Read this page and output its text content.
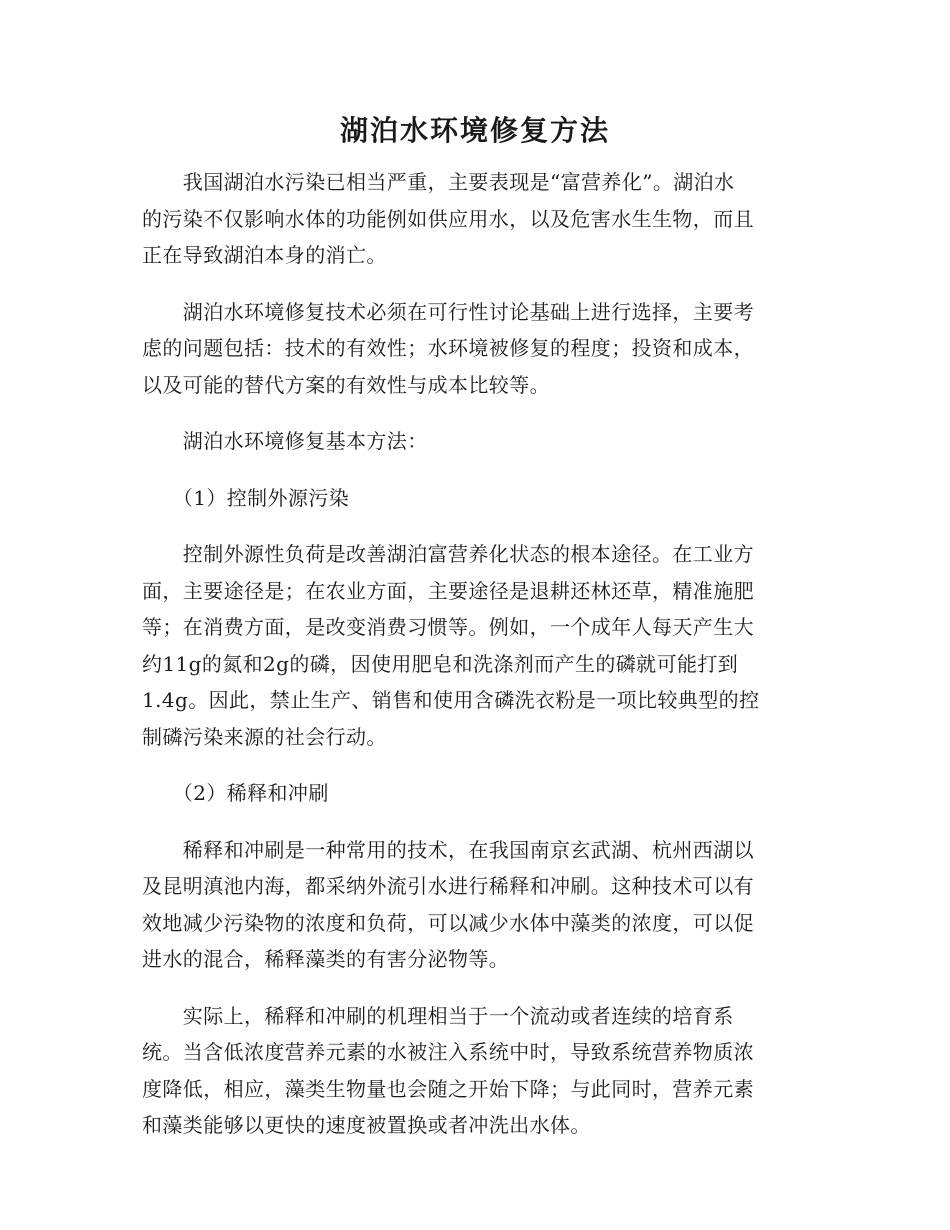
湖泊水环境修复方法

　　我国湖泊水污染已相当严重，主要表现是“富营养化”。湖泊水
的污染不仅影响水体的功能例如供应用水，以及危害水生生物，而且
正在导致湖泊本身的消亡。

　　湖泊水环境修复技术必须在可行性讨论基础上进行选择，主要考
虑的问题包括：技术的有效性；水环境被修复的程度；投资和成本，
以及可能的替代方案的有效性与成本比较等。

　　湖泊水环境修复基本方法：

　　（1）控制外源污染

　　控制外源性负荷是改善湖泊富营养化状态的根本途径。在工业方
面，主要途径是；在农业方面，主要途径是退耕还林还草，精准施肥
等；在消费方面，是改变消费习惯等。例如，一个成年人每天产生大
约11g的氮和2g的磷，因使用肥皂和洗涤剂而产生的磷就可能打到
1.4g。因此，禁止生产、销售和使用含磷洗衣粉是一项比较典型的控
制磷污染来源的社会行动。

　　（2）稀释和冲刷

　　稀释和冲刷是一种常用的技术，在我国南京玄武湖、杭州西湖以
及昆明滇池内海，都采纳外流引水进行稀释和冲刷。这种技术可以有
效地减少污染物的浓度和负荷，可以减少水体中藻类的浓度，可以促
进水的混合，稀释藻类的有害分泌物等。

　　实际上，稀释和冲刷的机理相当于一个流动或者连续的培育系
统。当含低浓度营养元素的水被注入系统中时，导致系统营养物质浓
度降低，相应，藻类生物量也会随之开始下降；与此同时，营养元素
和藻类能够以更快的速度被置换或者冲洗出水体。
